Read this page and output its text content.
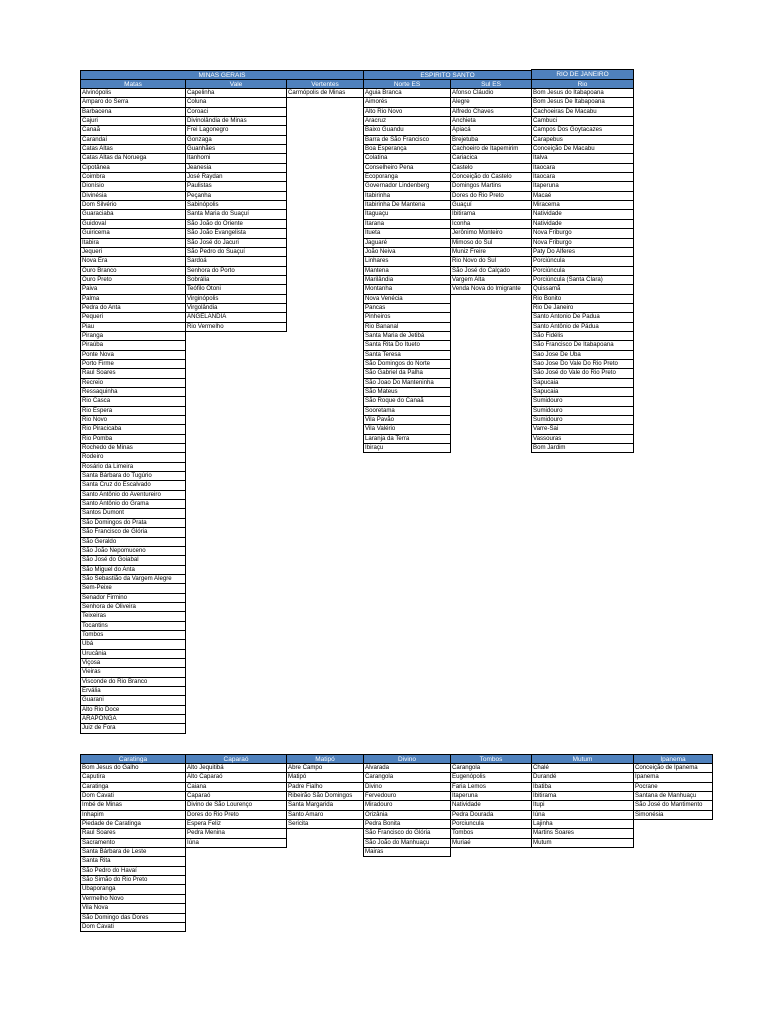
MINAS GERAIS	ESPIRITO SANTO	RIO DE JANEIRO
Matas
Alvinópolis
Amparo do Serra
Barbacena
Cajuri
Canaã
Carandaí
Catas Altas
Catas Altas da Noruega
Cipotânea
Coimbra
Dionísio
Divinésia
Dom Silvério
Guaraciaba
Guidoval
Guiricema
Itabira
Jequeri
Nova Era
Ouro Branco
Ouro Preto
Paiva
Palma
Pedra do Anta
Pequeri
Piau
Piranga
Piraúba
Ponte Nova
Porto Firme
Raul Soares
Recreio
Ressaquinha
Rio Casca
Rio Espera
Rio Novo
Rio Piracicaba
Rio Pomba
Rochedo de Minas
Rodeiro
Rosário da Limeira
Santa Bárbara do Tugúrio
Santa Cruz do Escalvado
Santo Antônio do Aventureiro
Santo Antônio do Grama
Santos Dumont
São Domingos do Prata
São Francisco de Glória
São Geraldo
São João Nepomuceno
São José do Goiabal
São Miguel do Anta
São Sebastião da Vargem Alegre
Sem-Peixe
Senador Firmino
Senhora de Oliveira
Teixeiras
Tocantins
Tombos
Ubá
Urucânia
Viçosa
Vieiras
Visconde do Rio Branco
Ervália
Guarani
Alto Rio Doce
ARAPONGA
Juiz de Fora
Vale
Capelinha
Coluna
Coroaci
Divinolândia de Minas
Frei Lagonegro
Gonzaga
Guanhães
Itanhomi
Jeanesia
José Raydan
Paulistas
Peçanha
Sabinópolis
Santa Maria do Suaçuí
São João do Oriente
São João Evangelista
São José do Jacuri
São Pedro do Suaçuí
Sardoá
Senhora do Porto
Sobrália
Teófilo Otoni
Virginópolis
Virgolândia
ANGELANDIA
Rio Vermelho
Vertentes
Carmópolis de Minas
Norte ES
Águia Branca
Aimorés
Alto Rio Novo
Aracruz
Baixo Guandu
Barra de São Francisco
Boa Esperança
Colatina
Conselheiro Pena
Ecoporanga
Governador Lindenberg
Itabirinha
Itabirinha De Mantena
Itaguaçu
Itarana
Itueta
Jaguaré
João Neiva
Linhares
Mantena
Marilândia
Montanha
Nova Venécia
Pancas
Pinheiros
Rio Bananal
Santa Maria de Jetibá
Santa Rita Do Itueto
Santa Teresa
São Domingos do Norte
São Gabriel da Palha
São Joao Do Manteninha
São Mateus
São Roque do Canaã
Sooretama
Vila Pavão
Vila Valério
Laranja da Terra
Ibiraçu
Sul ES
Afonso Cláudio
Alegre
Alfredo Chaves
Anchieta
Apiacá
Brejetuba
Cachoeiro de Itapemirim
Cariacica
Castelo
Conceição do Castelo
Domingos Martins
Dores do Rio Preto
Guaçuí
Ibitirama
Iconha
Jerônimo Monteiro
Mimoso do Sul
Muniz Freire
Rio Novo do Sul
São José do Calçado
Vargem Alta
Venda Nova do Imigrante
Rio
Bom Jesus do Itabapoana
Bom Jesus De Itabapoana
Cachoeiras De Macabu
Cambuci
Campos Dos Goytacazes
Carapebus
Conceição De Macabu
Italva
Itaocara
Itaocara
Itaperuna
Macaé
Miracema
Natividade
Natividade
Nova Friburgo
Nova Friburgo
Paty Do Alferes
Porciúncula
Porciúncula
Porciúncula (Santa Clara)
Quissamã
Rio Bonito
Rio De Janeiro
Santo Antonio De Padua
Santo Antônio de Pádua
São Fidélis
São Francisco De Itabapoana
Sao Jose De Uba
Sao Jose Do Vale Do Rio Preto
São José do Vale do Rio Preto
Sapucaia
Sapucaia
Sumidouro
Sumidouro
Sumidouro
Varre-Sai
Vassouras
Bom Jardim
Caratinga
Bom Jesus do Galho
Caputira
Caratinga
Dom Cavati
Imbé de Minas
Inhapim
Piedade de Caratinga
Raul Soares
Sacramento
Santa Bárbara de Leste
Santa Rita
São Pedro do Havaí
São Simão do Rio Preto
Ubaporanga
Vermelho Novo
Vila Nova
São Domingo das Dores
Dom Cavati
Caparaó
Alto Jequitibá
Alto Caparaó
Caiana
Caparaó
Divino de São Lourenço
Dores do Rio Preto
Espera Feliz
Pedra Menina
Iúna
Matipó
Abre Campo
Matipó
Padre Fialho
Ribeirão São Domingos
Santa Margarida
Santo Amaro
Sericita
Divino
Alvarada
Carangola
Divino
Fervedouro
Miradouro
Orizânia
Pedra Bonita
São Francisco do Glória
São João do Manhuaçu
Mairas
Tombos
Carangola
Eugenópolis
Faria Lemos
Itaperuna
Natividade
Pedra Dourada
Porciuncula
Tombos
Muriaé
Mutum
Chalé
Durandé
Ibatiba
Ibitirama
Itupi
Iúna
Lajinha
Martins Soares
Mutum
Ipanema
Conceição de Ipanema
Ipanema
Pocrane
Santana de Manhuaçu
São José do Mantimento
Simonésia
